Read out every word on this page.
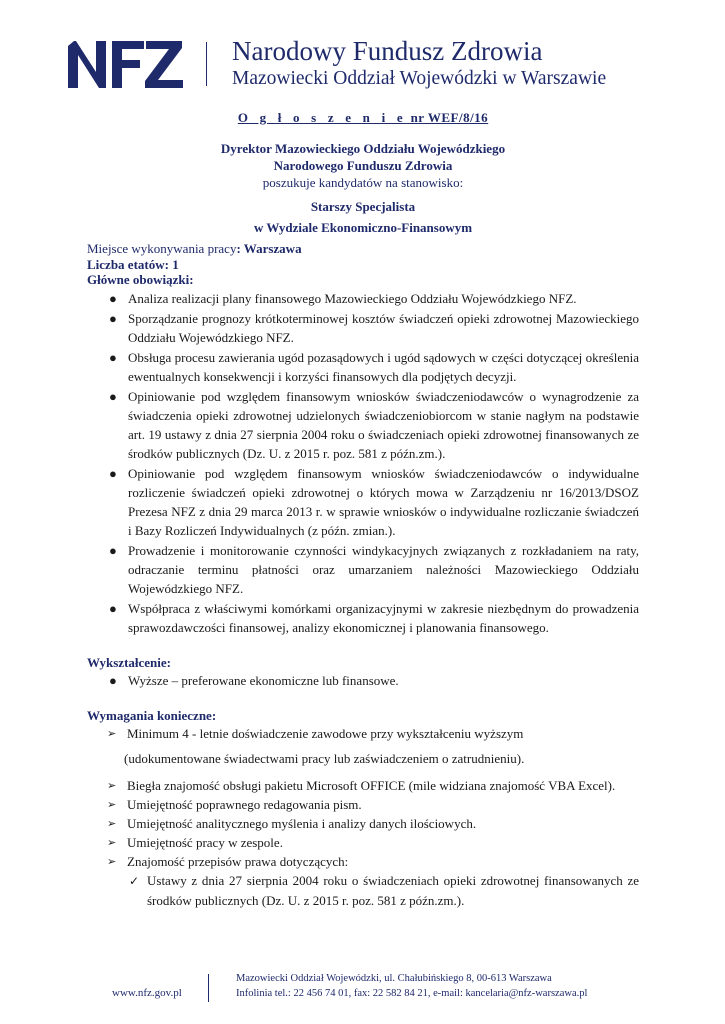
Narodowy Fundusz Zdrowia
Mazowiecki Oddział Wojewódzki w Warszawie
O g ł o s z e n i e nr WEF/8/16
Dyrektor Mazowieckiego Oddziału Wojewódzkiego
Narodowego Funduszu Zdrowia
poszukuje kandydatów na stanowisko:
Starszy Specjalista
w Wydziale Ekonomiczno-Finansowym
Miejsce wykonywania pracy: Warszawa
Liczba etatów: 1
Główne obowiązki:
● Analiza realizacji plany finansowego Mazowieckiego Oddziału Wojewódzkiego NFZ.
● Sporządzanie prognozy krótkoterminowej kosztów świadczeń opieki zdrowotnej Mazowieckiego Oddziału Wojewódzkiego NFZ.
● Obsługa procesu zawierania ugód pozasądowych i ugód sądowych w części dotyczącej określenia ewentualnych konsekwencji i korzyści finansowych dla podjętych decyzji.
● Opiniowanie pod względem finansowym wniosków świadczeniodawców o wynagrodzenie za świadczenia opieki zdrowotnej udzielonych świadczeniobiorcom w stanie nagłym na podstawie art. 19 ustawy z dnia 27 sierpnia 2004 roku o świadczeniach opieki zdrowotnej finansowanych ze środków publicznych (Dz. U. z 2015 r. poz. 581 z późn.zm.).
● Opiniowanie pod względem finansowym wniosków świadczeniodawców o indywidualne rozliczenie świadczeń opieki zdrowotnej o których mowa w Zarządzeniu nr 16/2013/DSOZ Prezesa NFZ z dnia 29 marca 2013 r. w sprawie wniosków o indywidualne rozliczanie świadczeń i Bazy Rozliczeń Indywidualnych (z późn. zmian.).
● Prowadzenie i monitorowanie czynności windykacyjnych związanych z rozkładaniem na raty, odraczanie terminu płatności oraz umarzaniem należności Mazowieckiego Oddziału Wojewódzkiego NFZ.
● Współpraca z właściwymi komórkami organizacyjnymi w zakresie niezbędnym do prowadzenia sprawozdawczości finansowej, analizy ekonomicznej i planowania finansowego.
Wykształcenie:
● Wyższe – preferowane ekonomiczne lub finansowe.
Wymagania konieczne:
➢ Minimum 4 - letnie doświadczenie zawodowe przy wykształceniu wyższym
(udokumentowane świadectwami pracy lub zaświadczeniem o zatrudnieniu).
➢ Biegła znajomość obsługi pakietu Microsoft OFFICE (mile widziana znajomość VBA Excel).
➢ Umiejętność poprawnego redagowania pism.
➢ Umiejętność analitycznego myślenia i analizy danych ilościowych.
➢ Umiejętność pracy w zespole.
➢ Znajomość przepisów prawa dotyczących:
✓ Ustawy z dnia 27 sierpnia 2004 roku o świadczeniach opieki zdrowotnej finansowanych ze środków publicznych (Dz. U. z 2015 r. poz. 581 z późn.zm.).
www.nfz.gov.pl
Mazowiecki Oddział Wojewódzki, ul. Chałubińskiego 8, 00-613 Warszawa
Infolinia tel.: 22 456 74 01, fax: 22 582 84 21, e-mail: kancelaria@nfz-warszawa.pl
